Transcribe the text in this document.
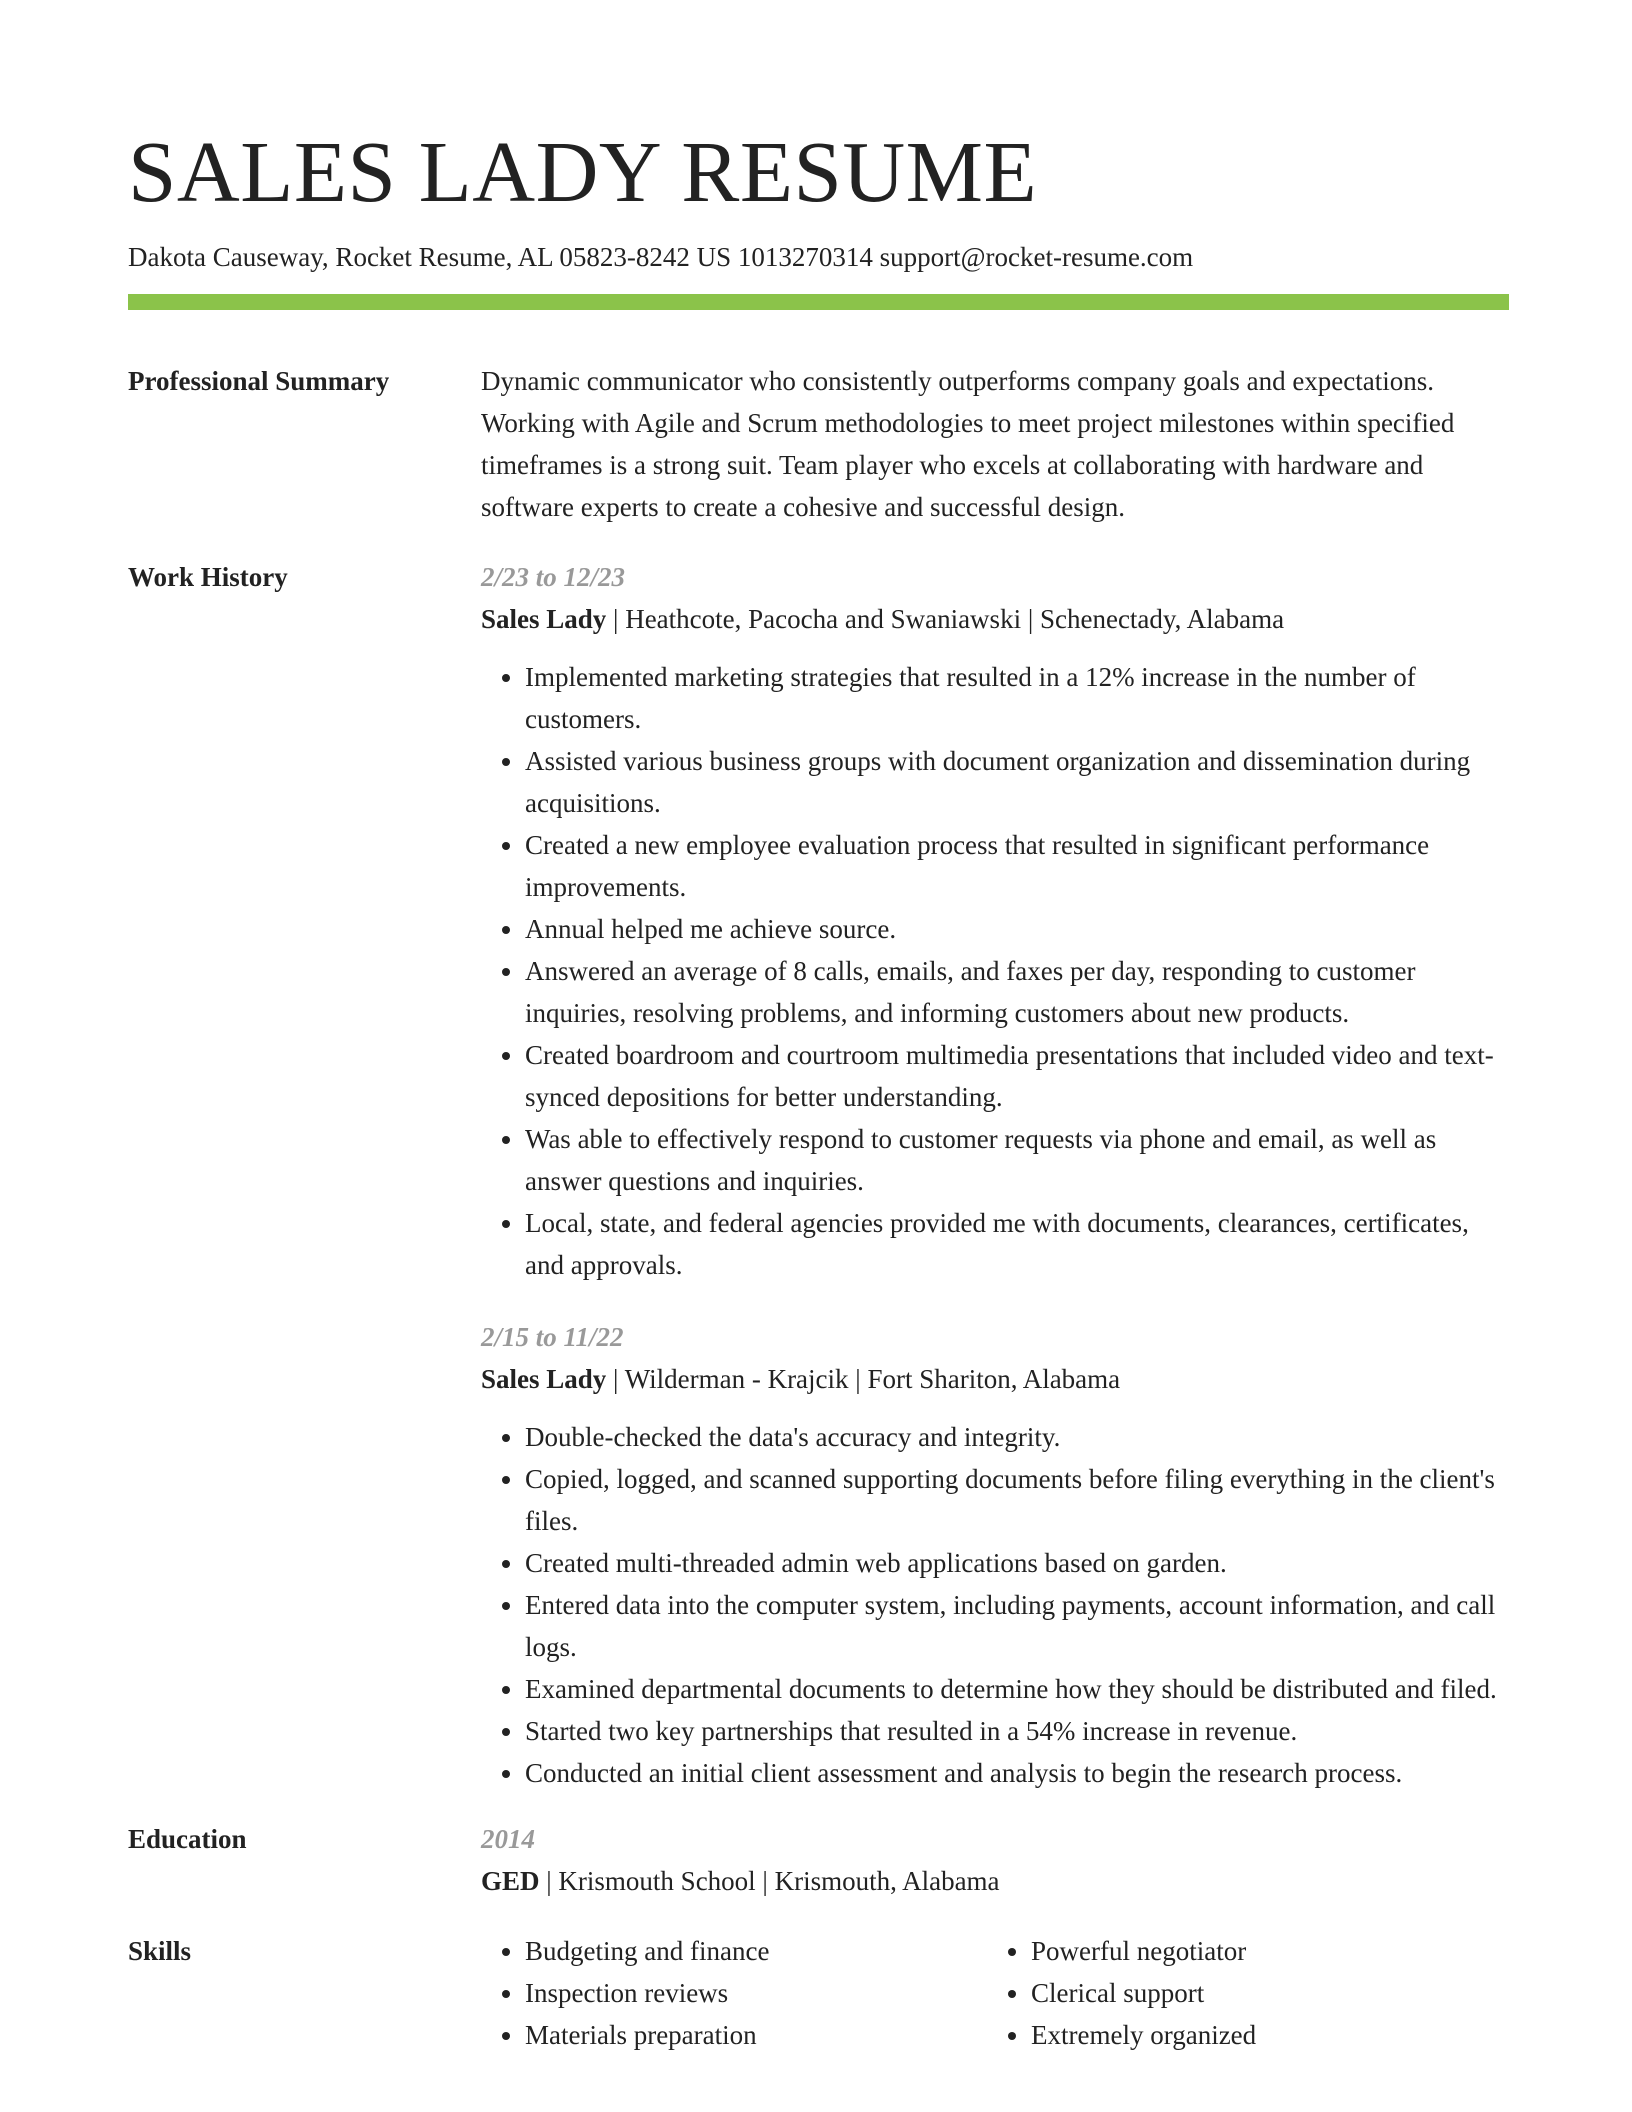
SALES LADY RESUME
Dakota Causeway, Rocket Resume, AL 05823-8242 US 1013270314 support@rocket-resume.com
Professional Summary	Dynamic communicator who consistently outperforms company goals and expectations. Working with Agile and Scrum methodologies to meet project milestones within specified timeframes is a strong suit. Team player who excels at collaborating with hardware and software experts to create a cohesive and successful design.
Work History	2/23 to 12/23
Sales Lady | Heathcote, Pacocha and Swaniawski | Schenectady, Alabama
• Implemented marketing strategies that resulted in a 12% increase in the number of customers.
• Assisted various business groups with document organization and dissemination during acquisitions.
• Created a new employee evaluation process that resulted in significant performance improvements.
• Annual helped me achieve source.
• Answered an average of 8 calls, emails, and faxes per day, responding to customer inquiries, resolving problems, and informing customers about new products.
• Created boardroom and courtroom multimedia presentations that included video and text-synced depositions for better understanding.
• Was able to effectively respond to customer requests via phone and email, as well as answer questions and inquiries.
• Local, state, and federal agencies provided me with documents, clearances, certificates, and approvals.
2/15 to 11/22
Sales Lady | Wilderman - Krajcik | Fort Shariton, Alabama
• Double-checked the data's accuracy and integrity.
• Copied, logged, and scanned supporting documents before filing everything in the client's files.
• Created multi-threaded admin web applications based on garden.
• Entered data into the computer system, including payments, account information, and call logs.
• Examined departmental documents to determine how they should be distributed and filed.
• Started two key partnerships that resulted in a 54% increase in revenue.
• Conducted an initial client assessment and analysis to begin the research process.
Education	2014
GED | Krismouth School | Krismouth, Alabama
Skills
•	Budgeting and finance
• Inspection reviews
• Materials preparation
• Powerful negotiator
• Clerical support
• Extremely organized
